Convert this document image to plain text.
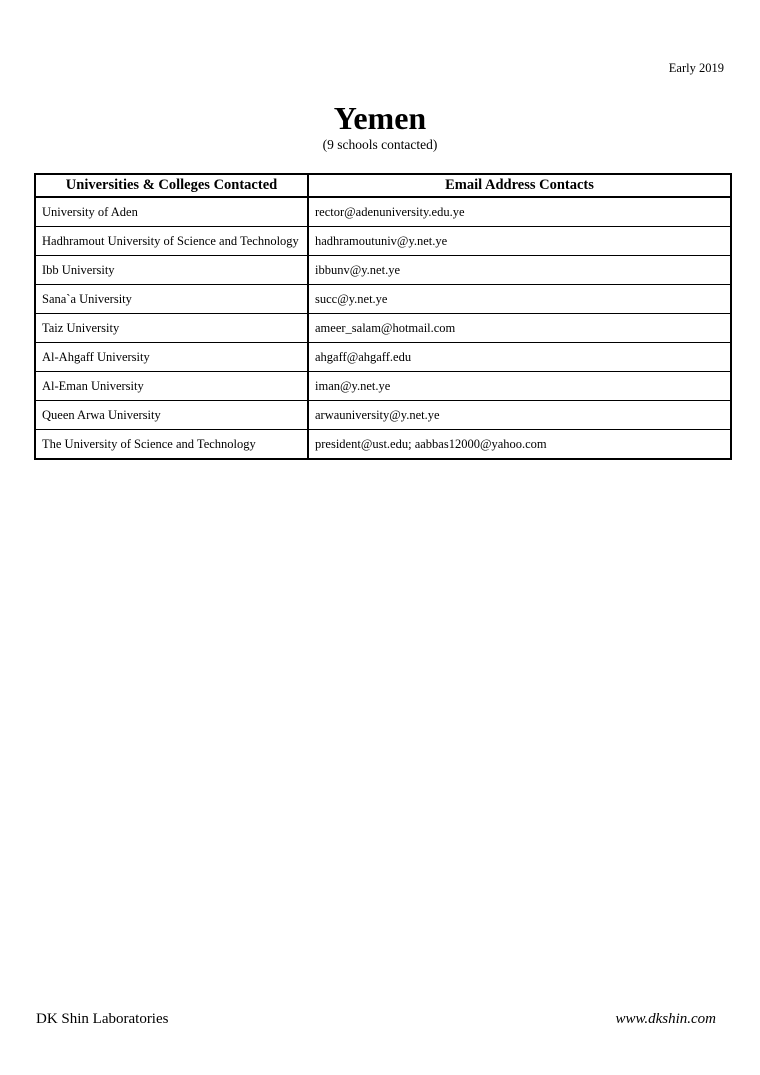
Early 2019
Yemen
(9 schools contacted)
Universities & Colleges Contacted	Email Address Contacts
University of Aden	rector@adenuniversity.edu.ye
Hadhramout University of Science and Technology	hadhramoutuniv@y.net.ye
Ibb University	ibbunv@y.net.ye
Sana`a University	succ@y.net.ye
Taiz University	ameer_salam@hotmail.com
Al-Ahgaff University	ahgaff@ahgaff.edu
Al-Eman University	iman@y.net.ye
Queen Arwa University	arwauniversity@y.net.ye
The University of Science and Technology	president@ust.edu; aabbas12000@yahoo.com
DK Shin Laboratories	www.dkshin.com
